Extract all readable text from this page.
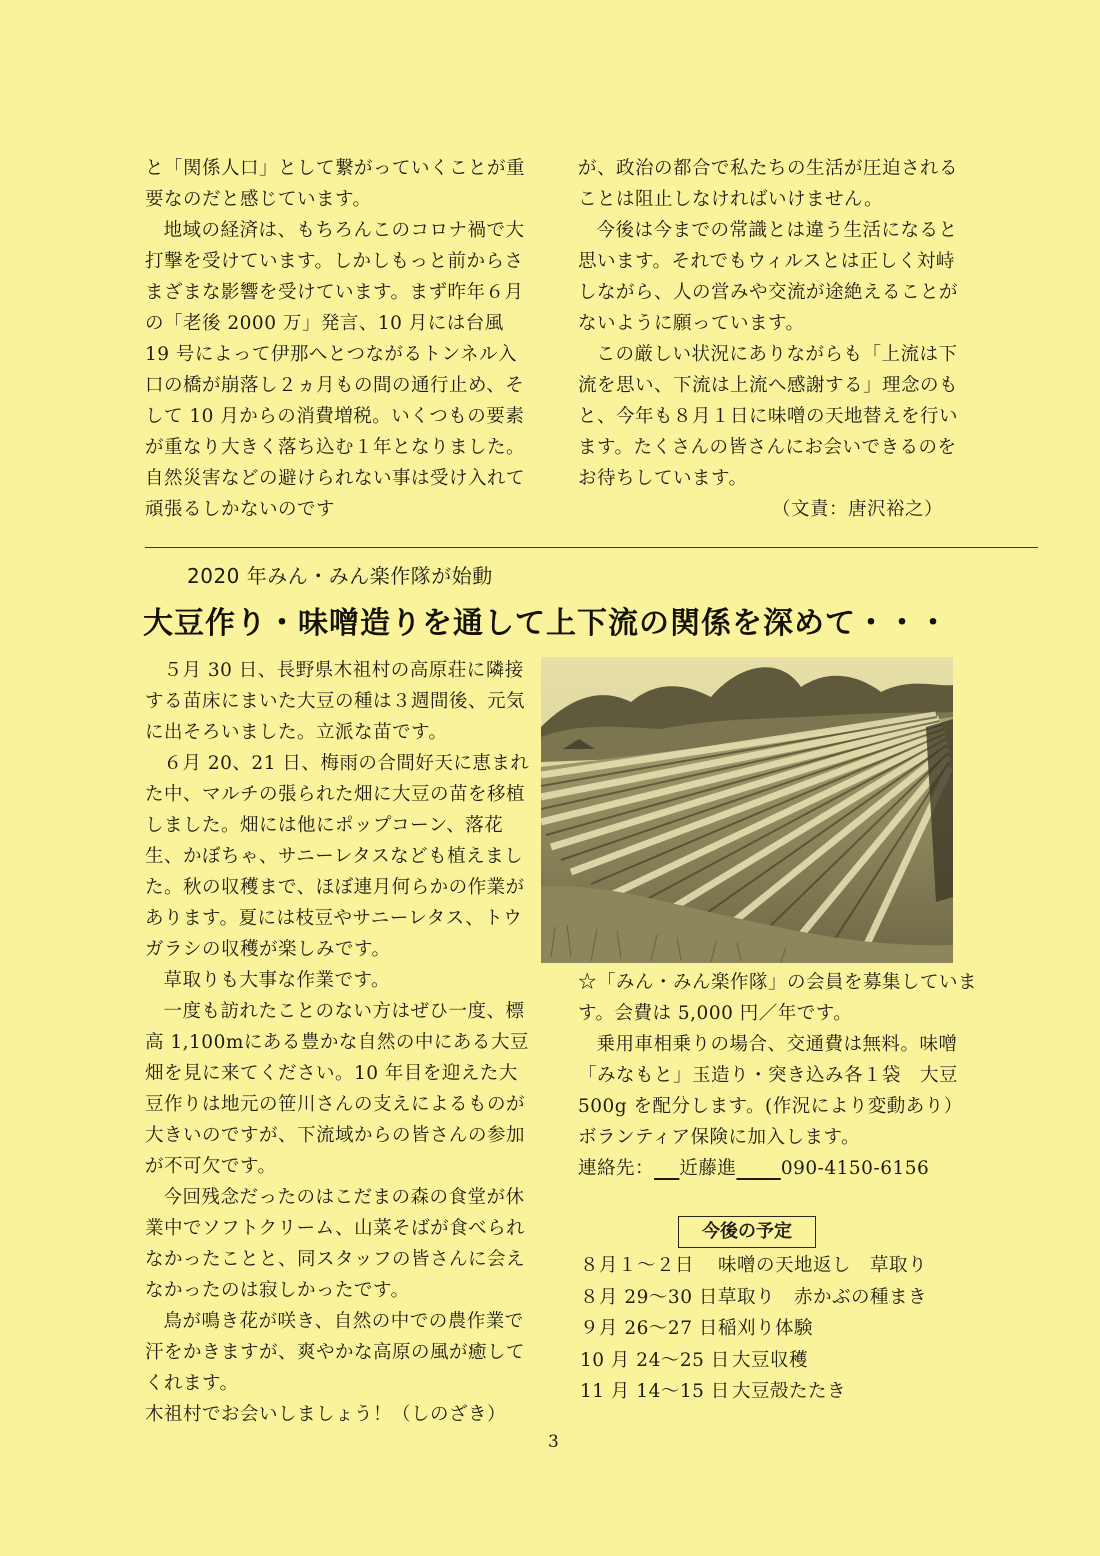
と「関係人口」として繋がっていくことが重要なのだと感じています。

地域の経済は、もちろんこのコロナ禍で大打撃を受けています。しかしもっと前からさまざまな影響を受けています。まず昨年６月の「老後 2000 万」発言、10 月には台風 19 号によって伊那へとつながるトンネル入口の橋が崩落し２ヵ月もの間の通行止め、そして 10 月からの消費増税。いくつもの要素が重なり大きく落ち込む１年となりました。自然災害などの避けられない事は受け入れて頑張るしかないのです

が、政治の都合で私たちの生活が圧迫されることは阻止しなければいけません。

今後は今までの常識とは違う生活になると思います。それでもウィルスとは正しく対峙しながら、人の営みや交流が途絶えることがないように願っています。

この厳しい状況にありながらも「上流は下流を思い、下流は上流へ感謝する」理念のもと、今年も８月１日に味噌の天地替えを行います。たくさんの皆さんにお会いできるのをお待ちしています。

（文責：唐沢裕之）
2020 年みん・みん楽作隊が始動
大豆作り・味噌造りを通して上下流の関係を深めて・・・

５月 30 日、長野県木祖村の高原荘に隣接する苗床にまいた大豆の種は３週間後、元気に出そろいました。立派な苗です。

６月 20、21 日、梅雨の合間好天に恵まれた中、マルチの張られた畑に大豆の苗を移植しました。畑には他にポップコーン、落花生、かぼちゃ、サニーレタスなども植えました。秋の収穫まで、ほぼ連月何らかの作業があります。夏には枝豆やサニーレタス、トウガラシの収穫が楽しみです。

草取りも大事な作業です。

一度も訪れたことのない方はぜひ一度、標高 1,100mにある豊かな自然の中にある大豆畑を見に来てください。10 年目を迎えた大豆作りは地元の笹川さんの支えによるものが大きいのですが、下流域からの皆さんの参加が不可欠です。

今回残念だったのはこだまの森の食堂が休業中でソフトクリーム、山菜そばが食べられなかったことと、同スタッフの皆さんに会えなかったのは寂しかったです。

鳥が鳴き花が咲き、自然の中での農作業で汗をかきますが、爽やかな高原の風が癒してくれます。

木祖村でお会いしましょう！（しのざき）

☆「みん・みん楽作隊」の会員を募集しています。会費は 5,000 円／年です。

乗用車相乗りの場合、交通費は無料。味噌「みなもと」玉造り・突き込み各１袋　大豆 500g を配分します。(作況により変動あり）ボランティア保険に加入します。

連絡先：　 近藤進　　 090-4150-6156
今後の予定
８月１～２日	味噌の天地返し　草取り
８月 29～30 日 草取り　赤かぶの種まき
９月 26～27 日 稲刈り体験
10 月 24～25 日 大豆収穫
11 月 14～15 日 大豆殻たたき
3
